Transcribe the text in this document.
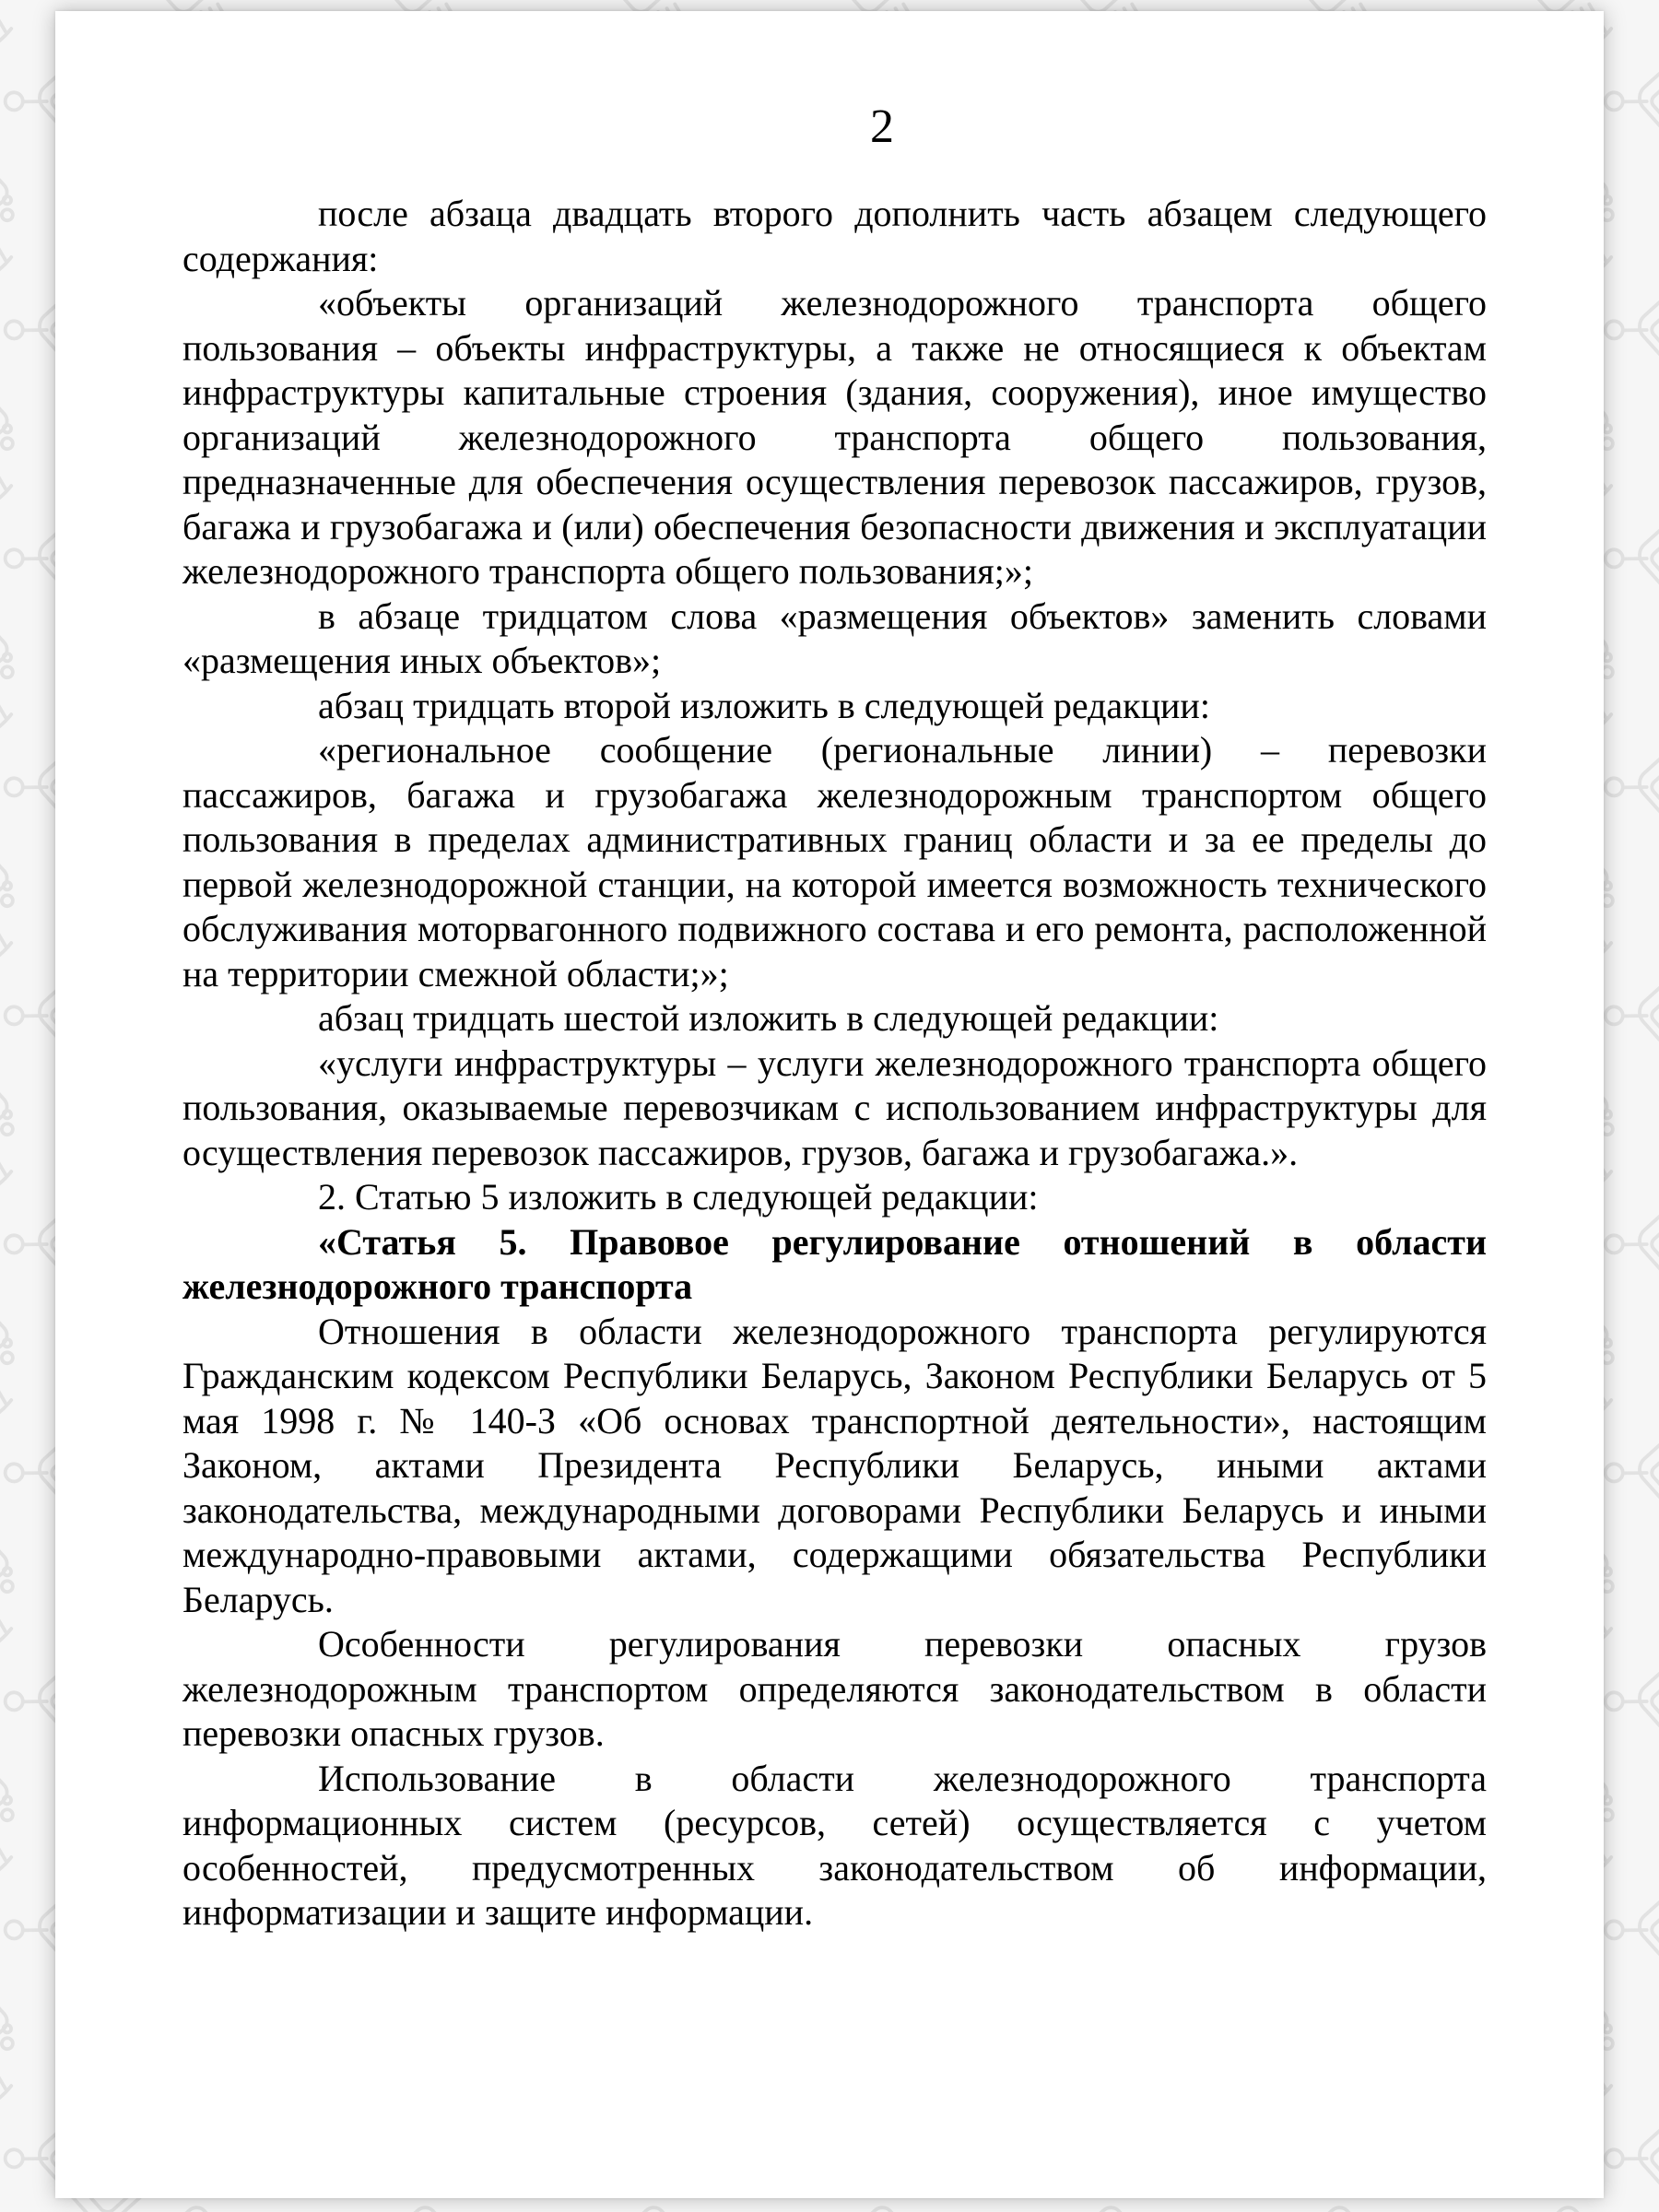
2

после абзаца двадцать второго дополнить часть абзацем следующего содержания:

«объекты организаций железнодорожного транспорта общего пользования – объекты инфраструктуры, а также не относящиеся к объектам инфраструктуры капитальные строения (здания, сооружения), иное имущество организаций железнодорожного транспорта общего пользования, предназначенные для обеспечения осуществления перевозок пассажиров, грузов, багажа и грузобагажа и (или) обеспечения безопасности движения и эксплуатации железнодорожного транспорта общего пользования;»;

в абзаце тридцатом слова «размещения объектов» заменить словами «размещения иных объектов»;

абзац тридцать второй изложить в следующей редакции:

«региональное сообщение (региональные линии) – перевозки пассажиров, багажа и грузобагажа железнодорожным транспортом общего пользования в пределах административных границ области и за ее пределы до первой железнодорожной станции, на которой имеется возможность технического обслуживания моторвагонного подвижного состава и его ремонта, расположенной на территории смежной области;»;

абзац тридцать шестой изложить в следующей редакции:

«услуги инфраструктуры – услуги железнодорожного транспорта общего пользования, оказываемые перевозчикам с использованием инфраструктуры для осуществления перевозок пассажиров, грузов, багажа и грузобагажа.».

2. Статью 5 изложить в следующей редакции:

«Статья 5. Правовое регулирование отношений в области железнодорожного транспорта

Отношения в области железнодорожного транспорта регулируются Гражданским кодексом Республики Беларусь, Законом Республики Беларусь от 5 мая 1998 г. № 140-З «Об основах транспортной деятельности», настоящим Законом, актами Президента Республики Беларусь, иными актами законодательства, международными договорами Республики Беларусь и иными международно-правовыми актами, содержащими обязательства Республики Беларусь.

Особенности регулирования перевозки опасных грузов железнодорожным транспортом определяются законодательством в области перевозки опасных грузов.

Использование в области железнодорожного транспорта информационных систем (ресурсов, сетей) осуществляется с учетом особенностей, предусмотренных законодательством об информации, информатизации и защите информации.
